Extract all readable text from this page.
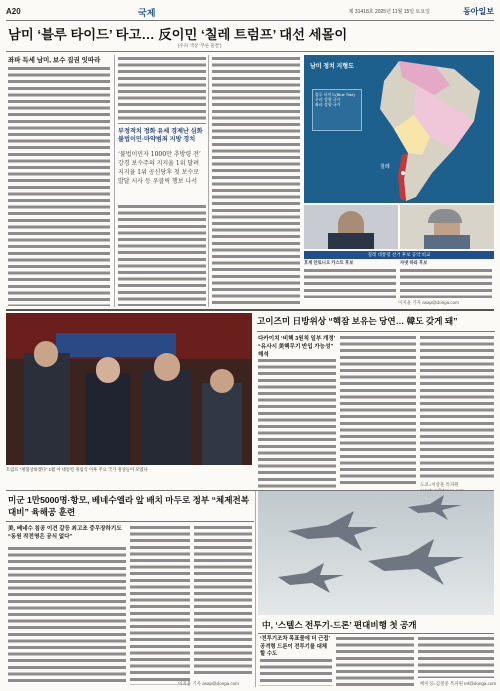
A20	국제	제 31418호 2025년 11월 15일 토요일	동아일보
남미 ‘블루 타이드’ 타고… 反이민 ‘칠레 트럼프’ 대선 세몰이
(우파 색상 ‘푸른 물결’)
좌파 득세 남미, 보수 집권 잇따라
부정적치 정화 유세 경제난 심화 불법이민·마약범죄 지방 경치
‘불법이민자 1000만 추방령 전’ 강경 보수주의 지지율 1위 달려 지지율 1위 공신당후 첫 보수로 발달 시사 등 우클릭 행보 나서
남미 정치 지형도
블루 타이드(Blue Tide)
우파 성향 국가
좌파 성향 국가
칠레
칠레 대통령 선거 후보 공약 비교
호세 안토니오 카스트 후보	자넷 하라 후보
이지윤 기자 asap@donga.com
트럼프 “재협상하겠다” 1월 이 대통령 취임식 이후 주요 국가 정상들이 모였다
고이즈미 日방위상 “핵잠 보유는 당연… 韓도 갖게 돼”
다카이치 ‘비핵 3원칙 일부 개정’ “유사시 美핵무기 반입 가능성” 해석
도쿄=이상훈 특파원
미군 1만5000명·항모, 베네수엘라 앞 배치 마두로 정부 “체제전복 대비” 육해공 훈련
美, 베네수 침공 이견 갈등 최고조 중무장하기도 “동원 작전명은 공식 없다”
이지윤 기자 asap@donga.com
中, ‘스텔스 전투기-드론’ 편대비행 첫 공개
‘전투기조차 목표물에 더 근접’ 공격형 드론이 전투기를 대체할 수도
베이징=김철중 특파원 tnf@donga.com
